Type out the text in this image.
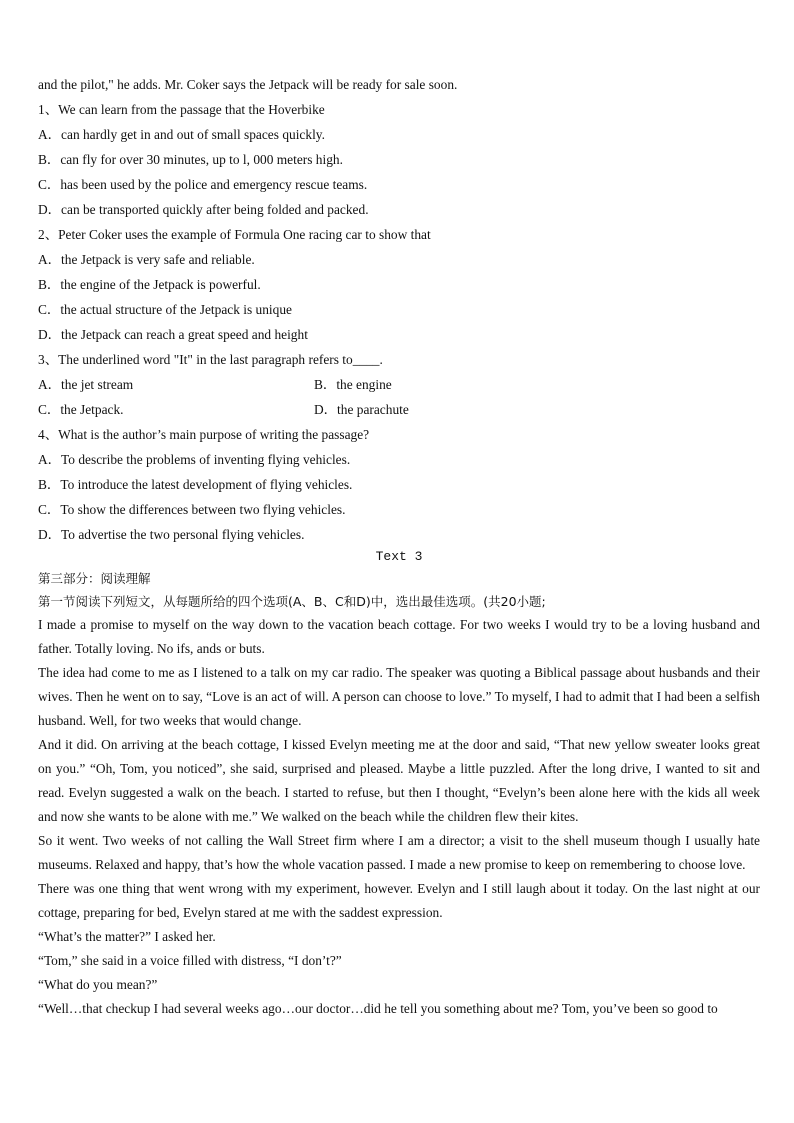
and the pilot," he adds. Mr. Coker says the Jetpack will be ready for sale soon.
1、We can learn from the passage that the Hoverbike
A．can hardly get in and out of small spaces quickly.
B．can fly for over 30 minutes, up to l, 000 meters high.
C．has been used by the police and emergency rescue teams.
D．can be transported quickly after being folded and packed.
2、Peter Coker uses the example of Formula One racing car to show that
A．the Jetpack is very safe and reliable.
B．the engine of the Jetpack is powerful.
C．the actual structure of the Jetpack is unique
D．the Jetpack can reach a great speed and height
3、The underlined word "It" in the last paragraph refers to____.
A．the jet stream	B．the engine
C．the Jetpack.	D．the parachute
4、What is the author’s main purpose of writing the passage?
A．To describe the problems of inventing flying vehicles.
B．To introduce the latest development of flying vehicles.
C．To show the differences between two flying vehicles.
D．To advertise the two personal flying vehicles.
Text 3
第三部分：阅读理解
第一节阅读下列短文，从每题所给的四个选项(A、B、C和D)中，选出最佳选项。(共20小题;

I made a promise to myself on the way down to the vacation beach cottage. For two weeks I would try to be a loving husband and father. Totally loving. No ifs, ands or buts.

The idea had come to me as I listened to a talk on my car radio. The speaker was quoting a Biblical passage about husbands and their wives. Then he went on to say, “Love is an act of will. A person can choose to love.” To myself, I had to admit that I had been a selfish husband. Well, for two weeks that would change.

And it did. On arriving at the beach cottage, I kissed Evelyn meeting me at the door and said, “That new yellow sweater looks great on you.” “Oh, Tom, you noticed”, she said, surprised and pleased. Maybe a little puzzled. After the long drive, I wanted to sit and read. Evelyn suggested a walk on the beach. I started to refuse, but then I thought, “Evelyn’s been alone here with the kids all week and now she wants to be alone with me.” We walked on the beach while the children flew their kites.

So it went. Two weeks of not calling the Wall Street firm where I am a director; a visit to the shell museum though I usually hate museums. Relaxed and happy, that’s how the whole vacation passed. I made a new promise to keep on remembering to choose love.

There was one thing that went wrong with my experiment, however. Evelyn and I still laugh about it today. On the last night at our cottage, preparing for bed, Evelyn stared at me with the saddest expression.

“What’s the matter?” I asked her.

“Tom,” she said in a voice filled with distress, “I don’t?”

“What do you mean?”

“Well…that checkup I had several weeks ago…our doctor…did he tell you something about me? Tom, you’ve been so good to
